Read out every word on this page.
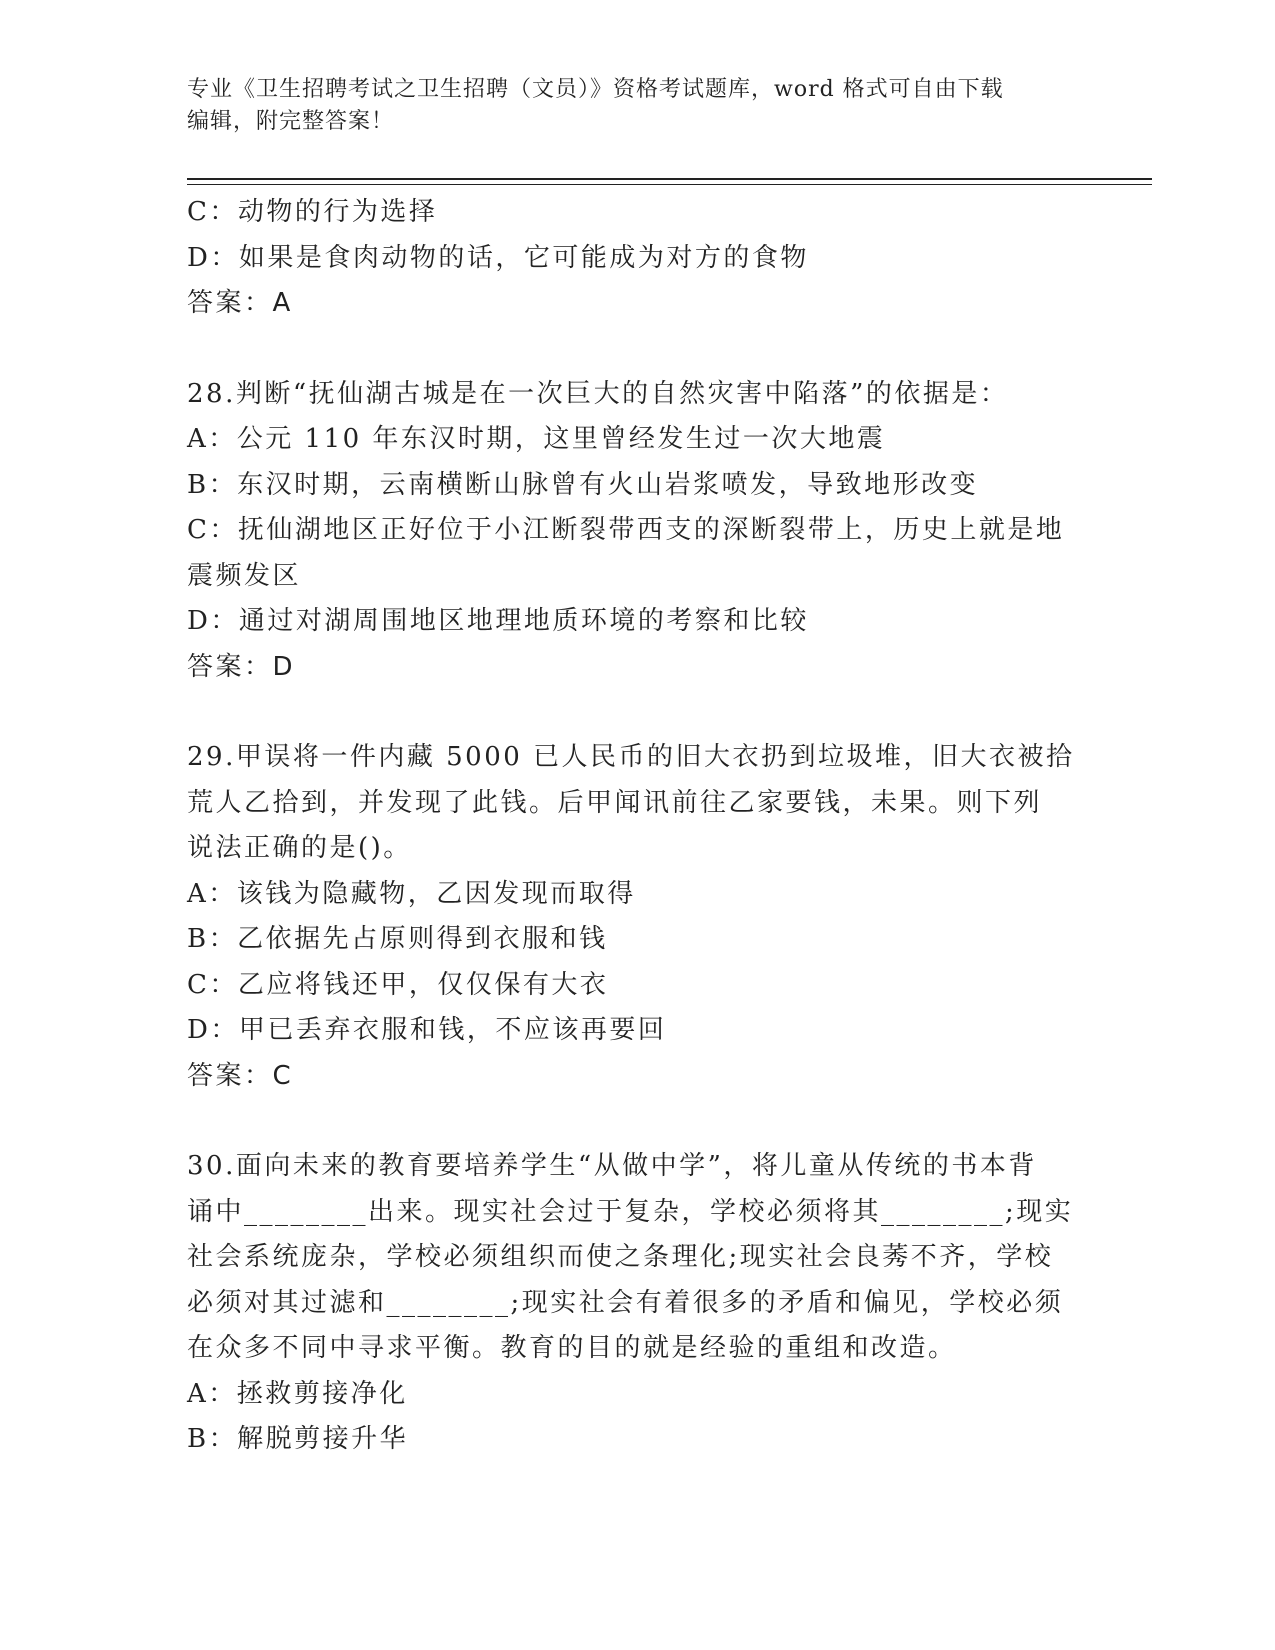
专业《卫生招聘考试之卫生招聘（文员）》资格考试题库，word 格式可自由下载
编辑，附完整答案！
C：动物的行为选择
D：如果是食肉动物的话，它可能成为对方的食物
答案：A
28.判断“抚仙湖古城是在一次巨大的自然灾害中陷落”的依据是：
A：公元 110 年东汉时期，这里曾经发生过一次大地震
B：东汉时期，云南横断山脉曾有火山岩浆喷发，导致地形改变
C：抚仙湖地区正好位于小江断裂带西支的深断裂带上，历史上就是地
震频发区
D：通过对湖周围地区地理地质环境的考察和比较
答案：D
29.甲误将一件内藏 5000 已人民币的旧大衣扔到垃圾堆，旧大衣被拾
荒人乙拾到，并发现了此钱。后甲闻讯前往乙家要钱，未果。则下列
说法正确的是()。
A：该钱为隐藏物，乙因发现而取得
B：乙依据先占原则得到衣服和钱
C：乙应将钱还甲，仅仅保有大衣
D：甲已丢弃衣服和钱，不应该再要回
答案：C
30.面向未来的教育要培养学生“从做中学”，将儿童从传统的书本背
诵中________出来。现实社会过于复杂，学校必须将其________;现实
社会系统庞杂，学校必须组织而使之条理化;现实社会良莠不齐，学校
必须对其过滤和________;现实社会有着很多的矛盾和偏见，学校必须
在众多不同中寻求平衡。教育的目的就是经验的重组和改造。
A：拯救剪接净化
B：解脱剪接升华
